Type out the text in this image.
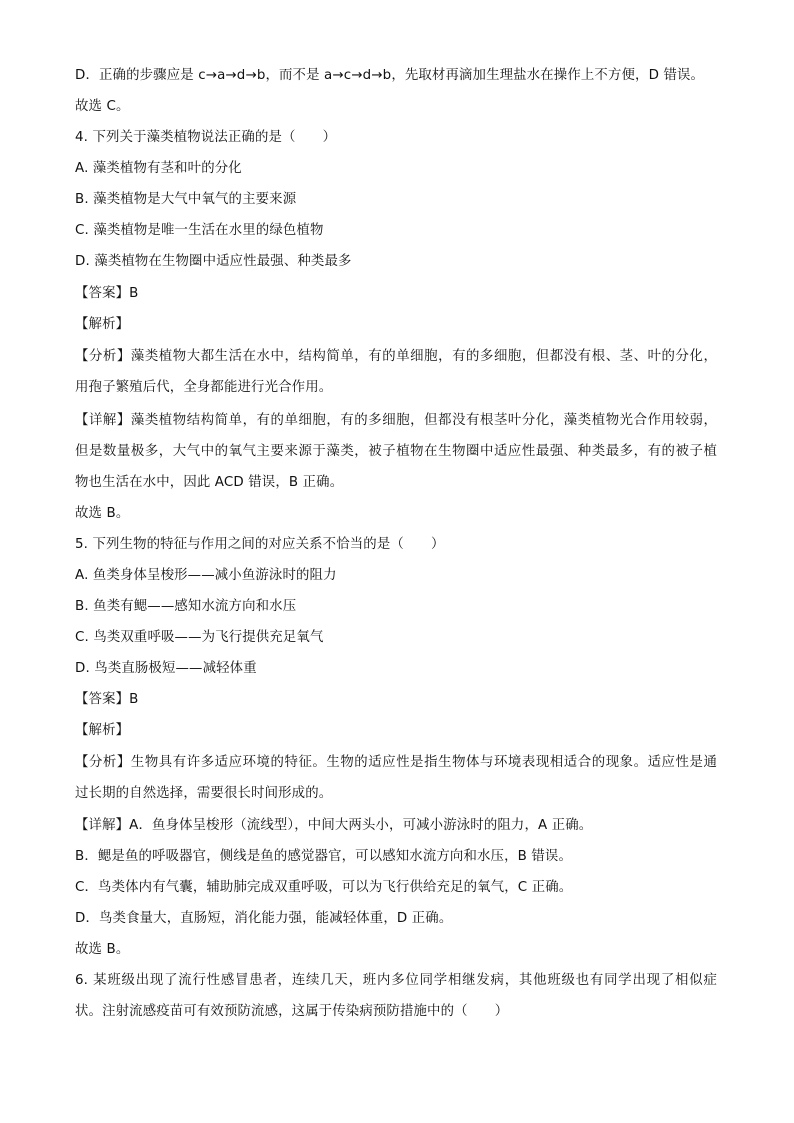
D．正确的步骤应是 c→a→d→b，而不是 a→c→d→b，先取材再滴加生理盐水在操作上不方便，D 错误。
故选 C。
4. 下列关于藻类植物说法正确的是（　　）
A. 藻类植物有茎和叶的分化
B. 藻类植物是大气中氧气的主要来源
C. 藻类植物是唯一生活在水里的绿色植物
D. 藻类植物在生物圈中适应性最强、种类最多
【答案】B
【解析】
【分析】藻类植物大都生活在水中，结构简单，有的单细胞，有的多细胞，但都没有根、茎、叶的分化，
用孢子繁殖后代，全身都能进行光合作用。
【详解】藻类植物结构简单，有的单细胞，有的多细胞，但都没有根茎叶分化，藻类植物光合作用较弱，
但是数量极多，大气中的氧气主要来源于藻类，被子植物在生物圈中适应性最强、种类最多，有的被子植
物也生活在水中，因此 ACD 错误，B 正确。
故选 B。
5. 下列生物的特征与作用之间的对应关系不恰当的是（　　）
A. 鱼类身体呈梭形——减小鱼游泳时的阻力
B. 鱼类有鳃——感知水流方向和水压
C. 鸟类双重呼吸——为飞行提供充足氧气
D. 鸟类直肠极短——减轻体重
【答案】B
【解析】
【分析】生物具有许多适应环境的特征。生物的适应性是指生物体与环境表现相适合的现象。适应性是通
过长期的自然选择，需要很长时间形成的。
【详解】A．鱼身体呈梭形（流线型），中间大两头小，可减小游泳时的阻力，A 正确。
B．鳃是鱼的呼吸器官，侧线是鱼的感觉器官，可以感知水流方向和水压，B 错误。
C．鸟类体内有气囊，辅助肺完成双重呼吸，可以为飞行供给充足的氧气，C 正确。
D．鸟类食量大，直肠短，消化能力强，能减轻体重，D 正确。
故选 B。
6. 某班级出现了流行性感冒患者，连续几天，班内多位同学相继发病，其他班级也有同学出现了相似症
状。注射流感疫苗可有效预防流感，这属于传染病预防措施中的（　　）
